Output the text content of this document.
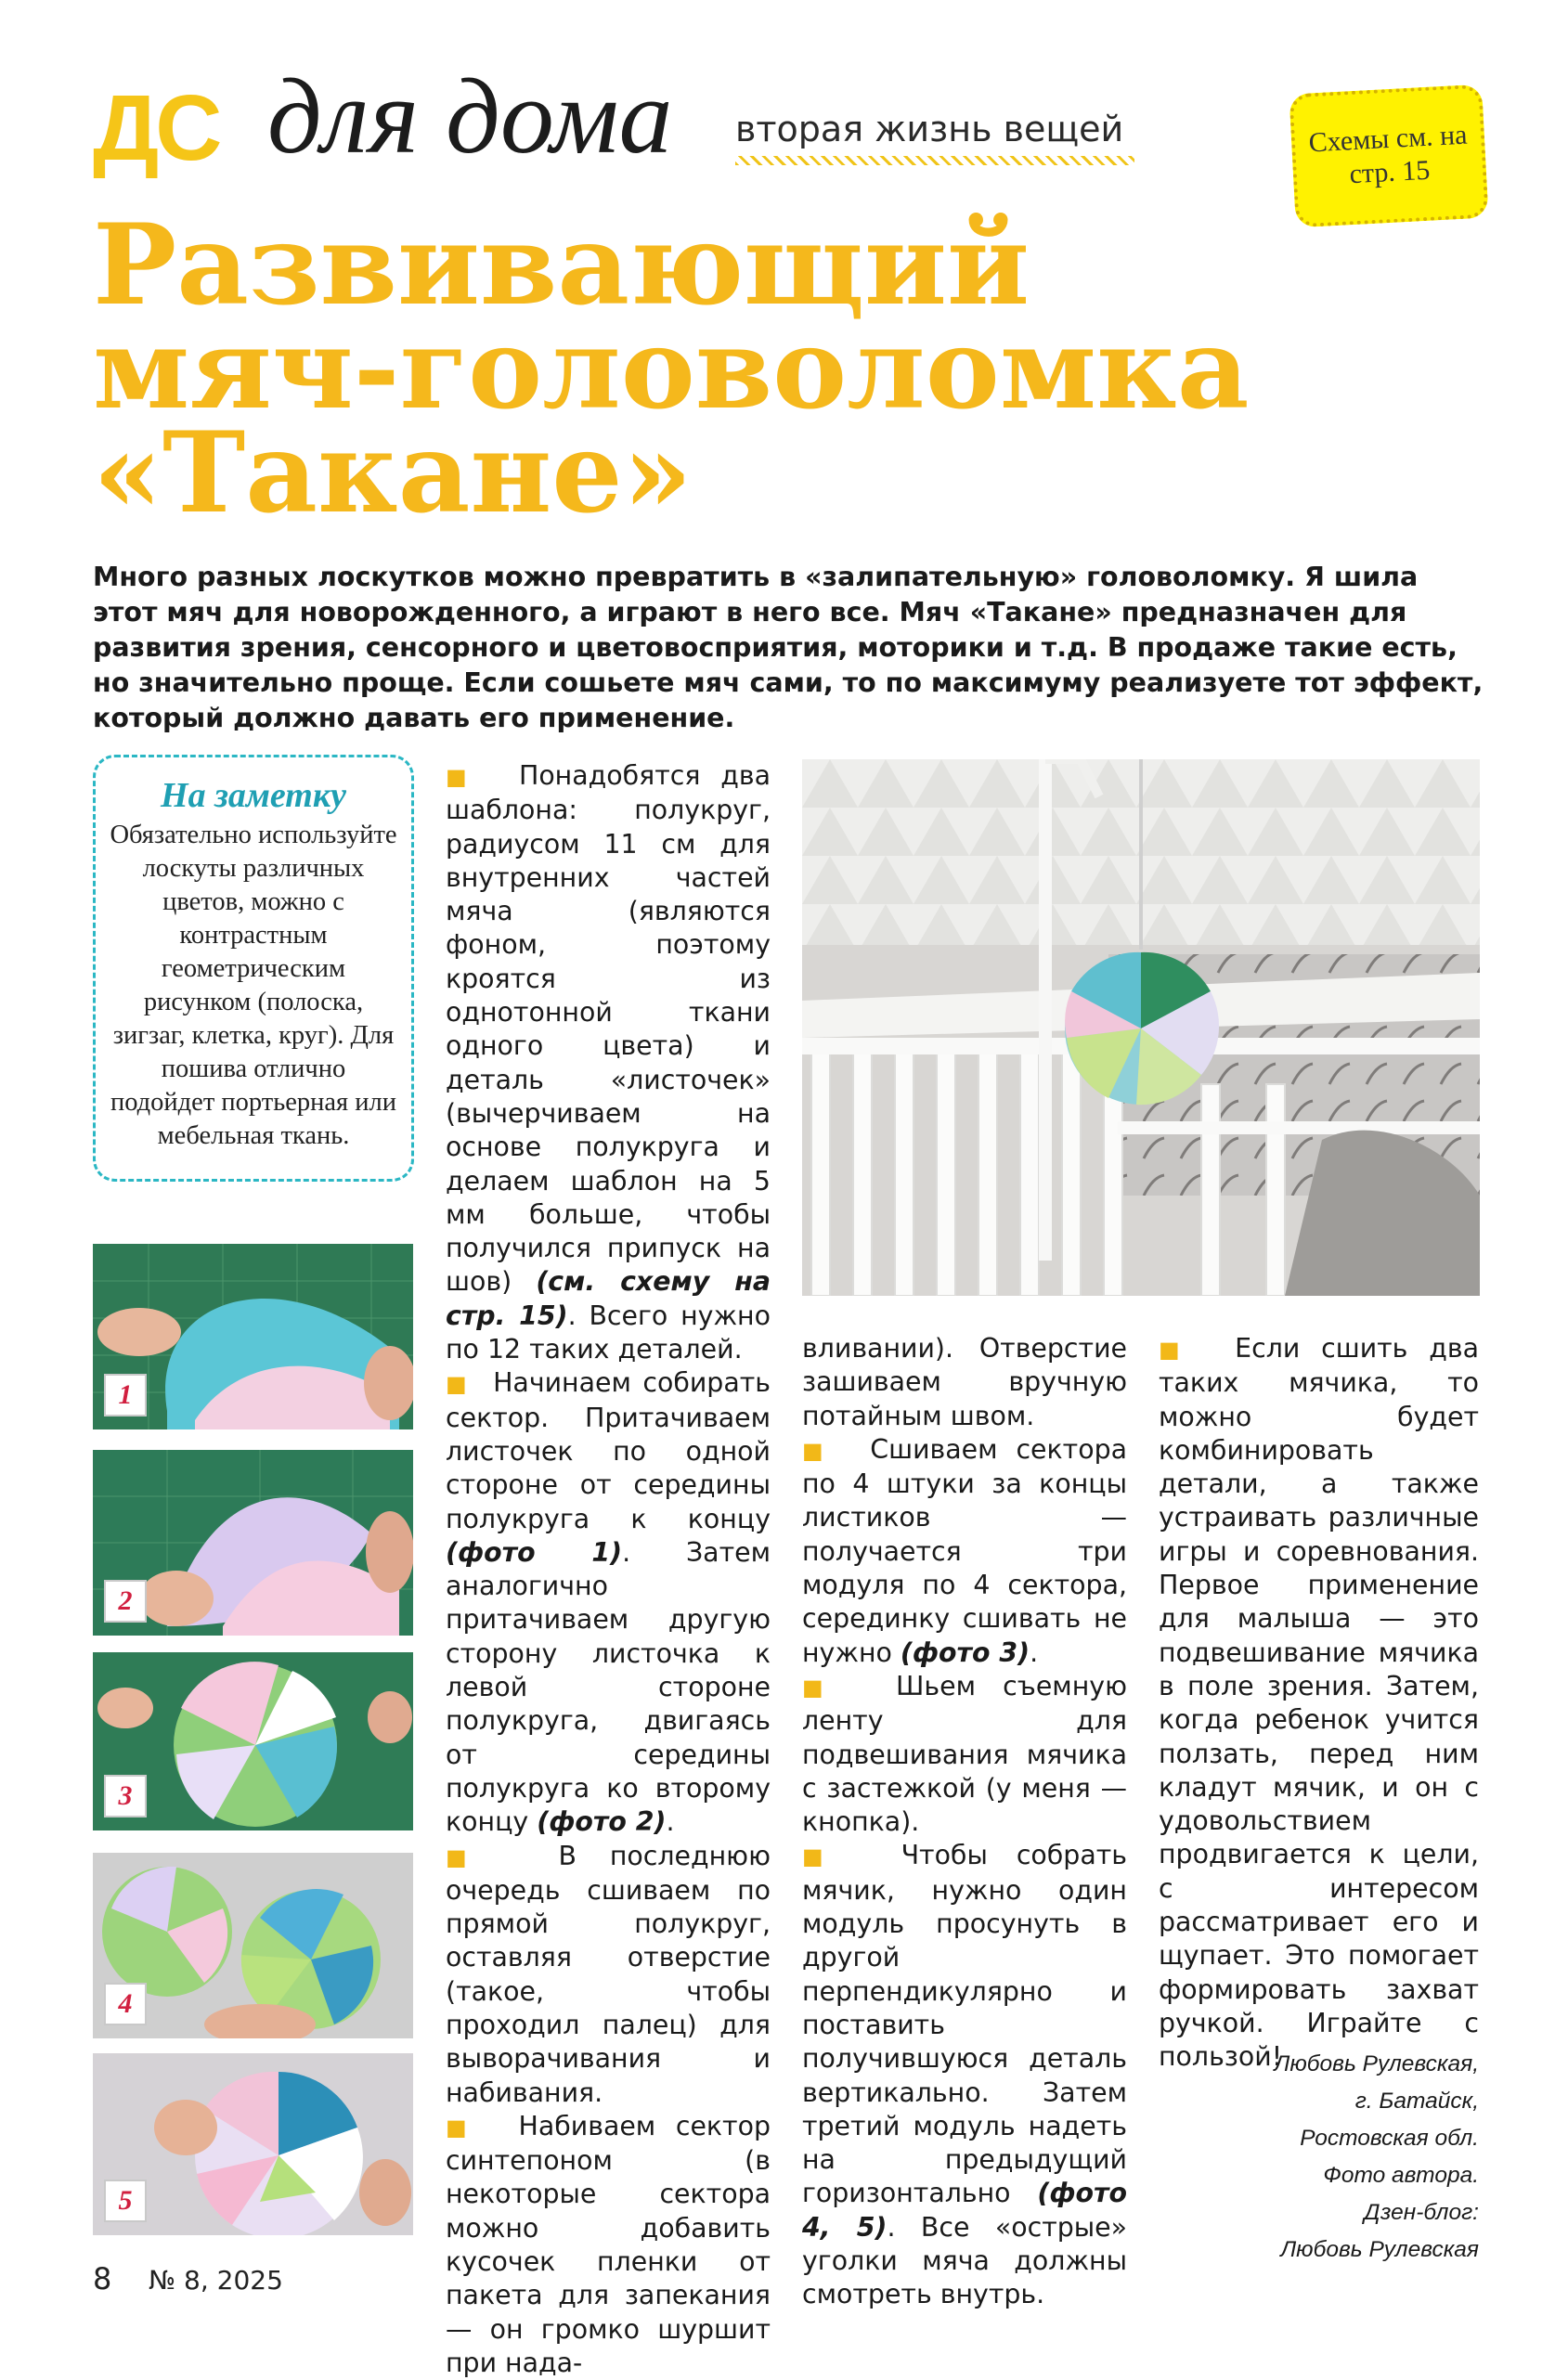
ДС для дома вторая жизнь вещей	Схемы см. на стр. 15
Развивающий
мяч-головоломка
«Такане»

Много разных лоскутков можно превратить в «залипательную» головоломку. Я шила этот мяч для новорожденного, а играют в него все. Мяч «Такане» предназначен для развития зрения, сенсорного и цветовосприятия, моторики и т.д. В продаже такие есть, но значительно проще. Если сошьете мяч сами, то по максимуму реализуете тот эффект, который должно давать его применение.

На заметку
Обязательно используйте лоскуты различных цветов, можно с контрастным геометрическим рисунком (полоска, зигзаг, клетка, круг). Для пошива отлично подойдет портьерная или мебельная ткань.
1
2
3
4
5

■ Понадобятся два шаблона: полукруг, радиусом 11 см для внутренних частей мяча (являются фоном, поэтому кроятся из однотонной ткани одного цвета) и деталь «листочек» (вычерчиваем на основе полукруга и делаем шаблон на 5 мм больше, чтобы получился припуск на шов) (см. схему на стр. 15). Всего нужно по 12 таких деталей.

■ Начинаем собирать сектор. Притачиваем листочек по одной стороне от середины полукруга к концу (фото 1). Затем аналогично притачиваем другую сторону листочка к левой стороне полукруга, двигаясь от середины полукруга ко второму концу (фото 2).

■	В последнюю очередь сшиваем по прямой полукруг, оставляя отверстие (такое, чтобы проходил палец) для выворачивания и набивания.

■ Набиваем сектор синтепоном (в некоторые сектора можно добавить кусочек пленки от пакета для запекания — он громко шуршит при нада-

вливании). Отверстие зашиваем вручную потайным швом.

■ Сшиваем сектора по 4 штуки за концы листиков — получается три модуля по 4 сектора, серединку сшивать не нужно (фото 3).

■ Шьем съемную ленту для подвешивания мячика с застежкой (у меня — кнопка).

■ Чтобы собрать мячик, нужно один модуль просунуть в другой перпендикулярно и поставить получившуюся деталь вертикально. Затем третий модуль надеть на предыдущий горизонтально (фото 4, 5). Все «острые» уголки мяча должны смотреть внутрь.

■ Если сшить два таких мячика, то можно будет комбинировать детали, а также устраивать различные игры и соревнования. Первое применение для малыша — это подвешивание мячика в поле зрения. Затем, когда ребенок учится ползать, перед ним кладут мячик, и он с удовольствием продвигается к цели, с интересом рассматривает его и щупает. Это помогает формировать захват ручкой. Играйте с пользой!

Любовь Рулевская,
г. Батайск,
Ростовская обл.
Фото автора.
Дзен-блог:
Любовь Рулевская
8 № 8, 2025
